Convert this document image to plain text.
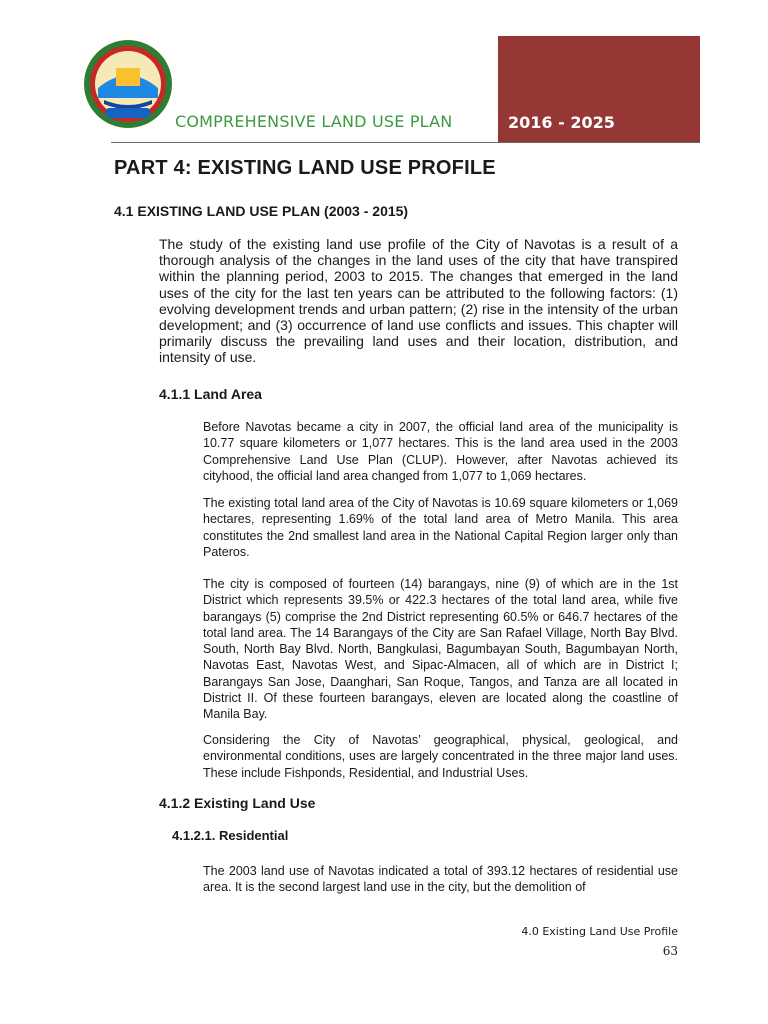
COMPREHENSIVE LAND USE PLAN	2016 - 2025
PART 4: EXISTING LAND USE PROFILE
4.1 EXISTING LAND USE PLAN (2003 - 2015)

The study of the existing land use profile of the City of Navotas is a result of a thorough analysis of the changes in the land uses of the city that have transpired within the planning period, 2003 to 2015. The changes that emerged in the land uses of the city for the last ten years can be attributed to the following factors: (1) evolving development trends and urban pattern; (2) rise in the intensity of the urban development; and (3) occurrence of land use conflicts and issues. This chapter will primarily discuss the prevailing land uses and their location, distribution, and intensity of use.

4.1.1 Land Area

Before Navotas became a city in 2007, the official land area of the municipality is 10.77 square kilometers or 1,077 hectares. This is the land area used in the 2003 Comprehensive Land Use Plan (CLUP). However, after Navotas achieved its cityhood, the official land area changed from 1,077 to 1,069 hectares.

The existing total land area of the City of Navotas is 10.69 square kilometers or 1,069 hectares, representing 1.69% of the total land area of Metro Manila. This area constitutes the 2nd smallest land area in the National Capital Region larger only than Pateros.

The city is composed of fourteen (14) barangays, nine (9) of which are in the 1st District which represents 39.5% or 422.3 hectares of the total land area, while five barangays (5) comprise the 2nd District representing 60.5% or 646.7 hectares of the total land area. The 14 Barangays of the City are San Rafael Village, North Bay Blvd. South, North Bay Blvd. North, Bangkulasi, Bagumbayan South, Bagumbayan North, Navotas East, Navotas West, and Sipac-Almacen, all of which are in District I; Barangays San Jose, Daanghari, San Roque, Tangos, and Tanza are all located in District II. Of these fourteen barangays, eleven are located along the coastline of Manila Bay.

Considering the City of Navotas’ geographical, physical, geological, and environmental conditions, uses are largely concentrated in the three major land uses. These include Fishponds, Residential, and Industrial Uses.

4.1.2 Existing Land Use
4.1.2.1. Residential

The 2003 land use of Navotas indicated a total of 393.12 hectares of residential use area. It is the second largest land use in the city, but the demolition of

4.0 Existing Land Use Profile
63
